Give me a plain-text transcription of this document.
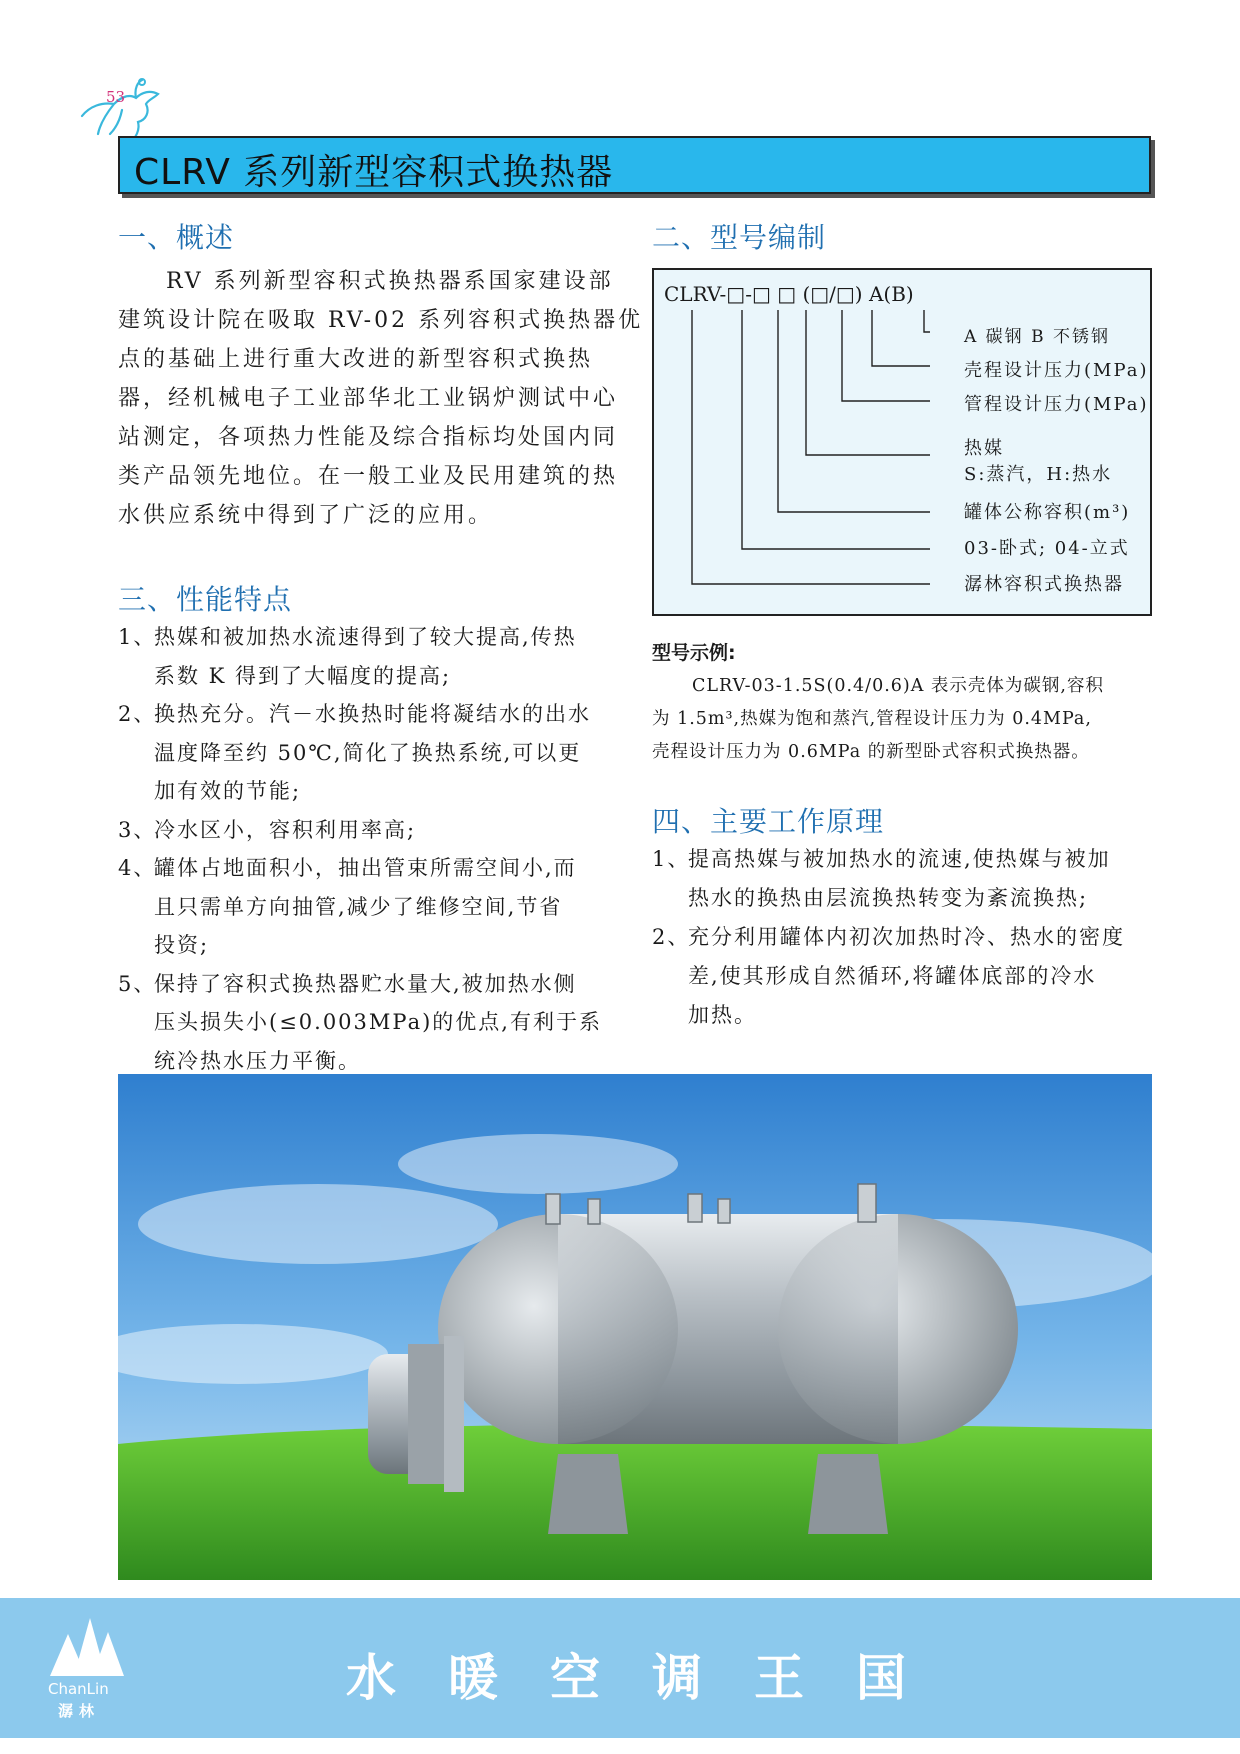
53
CLRV 系列新型容积式换热器
一、概述
RV 系列新型容积式换热器系国家建设部
建筑设计院在吸取 RV-02 系列容积式换热器优
点的基础上进行重大改进的新型容积式换热
器，经机械电子工业部华北工业锅炉测试中心
站测定，各项热力性能及综合指标均处国内同
类产品领先地位。在一般工业及民用建筑的热
水供应系统中得到了广泛的应用。
三、性能特点
1、
热媒和被加热水流速得到了较大提高,传热
系数 K 得到了大幅度的提高;
2、
换热充分。汽－水换热时能将凝结水的出水
温度降至约 50℃,简化了换热系统,可以更
加有效的节能;
3、
冷水区小，容积利用率高;
4、
罐体占地面积小，抽出管束所需空间小,而
且只需单方向抽管,减少了维修空间,节省
投资;
5、
保持了容积式换热器贮水量大,被加热水侧
压头损失小(≤0.003MPa)的优点,有利于系
统冷热水压力平衡。
二、型号编制
CLRV-□-□ □ (□/□) A(B)
A 碳钢 B 不锈钢
壳程设计压力(MPa)
管程设计压力(MPa)
热媒
S:蒸汽，H:热水
罐体公称容积(m³)
03-卧式; 04-立式
潺林容积式换热器
型号示例:
CLRV-03-1.5S(0.4/0.6)A 表示壳体为碳钢,容积
为 1.5m³,热媒为饱和蒸汽,管程设计压力为 0.4MPa,
壳程设计压力为 0.6MPa 的新型卧式容积式换热器。
四、主要工作原理
1、
提高热媒与被加热水的流速,使热媒与被加
热水的换热由层流换热转变为紊流换热;
2、
充分利用罐体内初次加热时冷、热水的密度
差,使其形成自然循环,将罐体底部的冷水
加热。
ChanLin
潺林
水暖空调王国
